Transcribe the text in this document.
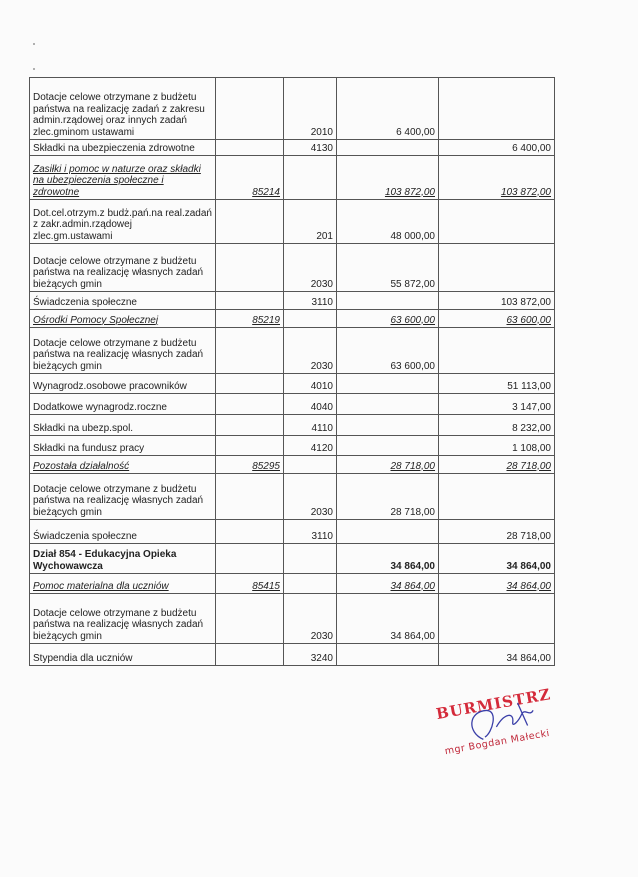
Dotacje celowe otrzymane z budżetu państwa na realizację zadań z zakresu admin.rządowej oraz innych zadań zlec.gminom ustawami		2010	6 400,00	
Składki na ubezpieczenia zdrowotne		4130		6 400,00
Zasiłki i pomoc w naturze oraz składki na ubezpieczenia społeczne i zdrowotne	85214		103 872,00	103 872,00
Dot.cel.otrzym.z budż.pań.na real.zadań z zakr.admin.rządowej zlec.gm.ustawami		201	48 000,00	
Dotacje celowe otrzymane z budżetu państwa na realizację własnych zadań bieżących gmin		2030	55 872,00	
Świadczenia społeczne		3110		103 872,00
Ośrodki Pomocy Społecznej	85219		63 600,00	63 600,00
Dotacje celowe otrzymane z budżetu państwa na realizację własnych zadań bieżących gmin		2030	63 600,00	
Wynagrodz.osobowe pracowników		4010		51 113,00
Dodatkowe wynagrodz.roczne		4040		3 147,00
Składki na ubezp.spol.		4110		8 232,00
Składki na fundusz pracy		4120		1 108,00
Pozostała działalność	85295		28 718,00	28 718,00
Dotacje celowe otrzymane z budżetu państwa na realizację własnych zadań bieżących gmin		2030	28 718,00	
Świadczenia społeczne		3110		28 718,00
Dział 854 - Edukacyjna Opieka Wychowawcza			34 864,00	34 864,00
Pomoc materialna dla uczniów	85415		34 864,00	34 864,00
Dotacje celowe otrzymane z budżetu państwa na realizację własnych zadań bieżących gmin		2030	34 864,00	
Stypendia dla uczniów		3240		34 864,00
BURMISTRZ
mgr Bogdan Małecki
